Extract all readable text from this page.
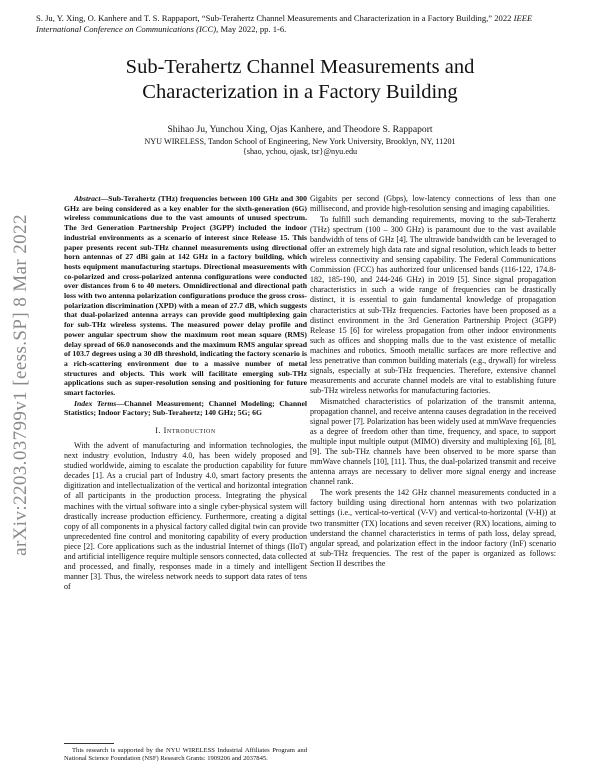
S. Ju, Y. Xing, O. Kanhere and T. S. Rappaport, “Sub-Terahertz Channel Measurements and Characterization in a Factory Building,” 2022 IEEE International Conference on Communications (ICC), May 2022, pp. 1-6.
Sub-Terahertz Channel Measurements and Characterization in a Factory Building
Shihao Ju, Yunchou Xing, Ojas Kanhere, and Theodore S. Rappaport
NYU WIRELESS, Tandon School of Engineering, New York University, Brooklyn, NY, 11201
{shao, ychou, ojask, tsr}@nyu.edu
arXiv:2203.03799v1 [eess.SP] 8 Mar 2022

Abstract—Sub-Terahertz (THz) frequencies between 100 GHz and 300 GHz are being considered as a key enabler for the sixth-generation (6G) wireless communications due to the vast amounts of unused spectrum. The 3rd Generation Partnership Project (3GPP) included the indoor industrial environments as a scenario of interest since Release 15. This paper presents recent sub-THz channel measurements using directional horn antennas of 27 dBi gain at 142 GHz in a factory building, which hosts equipment manufacturing startups. Directional measurements with co-polarized and cross-polarized antenna configurations were conducted over distances from 6 to 40 meters. Omnidirectional and directional path loss with two antenna polarization configurations produce the gross cross-polarization discrimination (XPD) with a mean of 27.7 dB, which suggests that dual-polarized antenna arrays can provide good multiplexing gain for sub-THz wireless systems. The measured power delay profile and power angular spectrum show the maximum root mean square (RMS) delay spread of 66.0 nanoseconds and the maximum RMS angular spread of 103.7 degrees using a 30 dB threshold, indicating the factory scenario is a rich-scattering environment due to a massive number of metal structures and objects. This work will facilitate emerging sub-THz applications such as super-resolution sensing and positioning for future smart factories.

Index Terms—Channel Measurement; Channel Modeling; Channel Statistics; Indoor Factory; Sub-Terahertz; 140 GHz; 5G; 6G

I. Introduction

With the advent of manufacturing and information technologies, the next industry evolution, Industry 4.0, has been widely proposed and studied worldwide, aiming to escalate the production capability for future decades [1]. As a crucial part of Industry 4.0, smart factory presents the digitization and intellectualization of the vertical and horizontal integration of all participants in the production process. Integrating the physical machines with the virtual software into a single cyber-physical system will drastically increase production efficiency. Furthermore, creating a digital copy of all components in a physical factory called digital twin can provide unprecedented fine control and monitoring capability of every production piece [2]. Core applications such as the industrial Internet of things (IIoT) and artificial intelligence require multiple sensors connected, data collected and processed, and finally, responses made in a timely and intelligent manner [3]. Thus, the wireless network needs to support data rates of tens of

Gigabits per second (Gbps), low-latency connections of less than one millisecond, and provide high-resolution sensing and imaging capabilities.

To fulfill such demanding requirements, moving to the sub-Terahertz (THz) spectrum (100 – 300 GHz) is paramount due to the vast available bandwidth of tens of GHz [4]. The ultrawide bandwidth can be leveraged to offer an extremely high data rate and signal resolution, which leads to better wireless connectivity and sensing capability. The Federal Communications Commission (FCC) has authorized four unlicensed bands (116-122, 174.8-182, 185-190, and 244-246 GHz) in 2019 [5]. Since signal propagation characteristics in such a wide range of frequencies can be drastically distinct, it is essential to gain fundamental knowledge of propagation characteristics at sub-THz frequencies. Factories have been proposed as a distinct environment in the 3rd Generation Partnership Project (3GPP) Release 15 [6] for wireless propagation from other indoor environments such as offices and shopping malls due to the vast existence of metallic machines and robotics. Smooth metallic surfaces are more reflective and less penetrative than common building materials (e.g., drywall) for wireless signals, especially at sub-THz frequencies. Therefore, extensive channel measurements and accurate channel models are vital to establishing future sub-THz wireless networks for manufacturing factories.

Mismatched characteristics of polarization of the transmit antenna, propagation channel, and receive antenna causes degradation in the received signal power [7]. Polarization has been widely used at mmWave frequencies as a degree of freedom other than time, frequency, and space, to support multiple input multiple output (MIMO) diversity and multiplexing [6], [8], [9]. The sub-THz channels have been observed to be more sparse than mmWave channels [10], [11]. Thus, the dual-polarized transmit and receive antenna arrays are necessary to deliver more signal energy and increase channel rank.

The work presents the 142 GHz channel measurements conducted in a factory building using directional horn antennas with two polarization settings (i.e., vertical-to-vertical (V-V) and vertical-to-horizontal (V-H)) at two transmitter (TX) locations and seven receiver (RX) locations, aiming to understand the channel characteristics in terms of path loss, delay spread, angular spread, and polarization effect in the indoor factory (InF) scenario at sub-THz frequencies. The rest of the paper is organized as follows: Section II describes the

This research is supported by the NYU WIRELESS Industrial Affiliates Program and National Science Foundation (NSF) Research Grants: 1909206 and 2037845.
